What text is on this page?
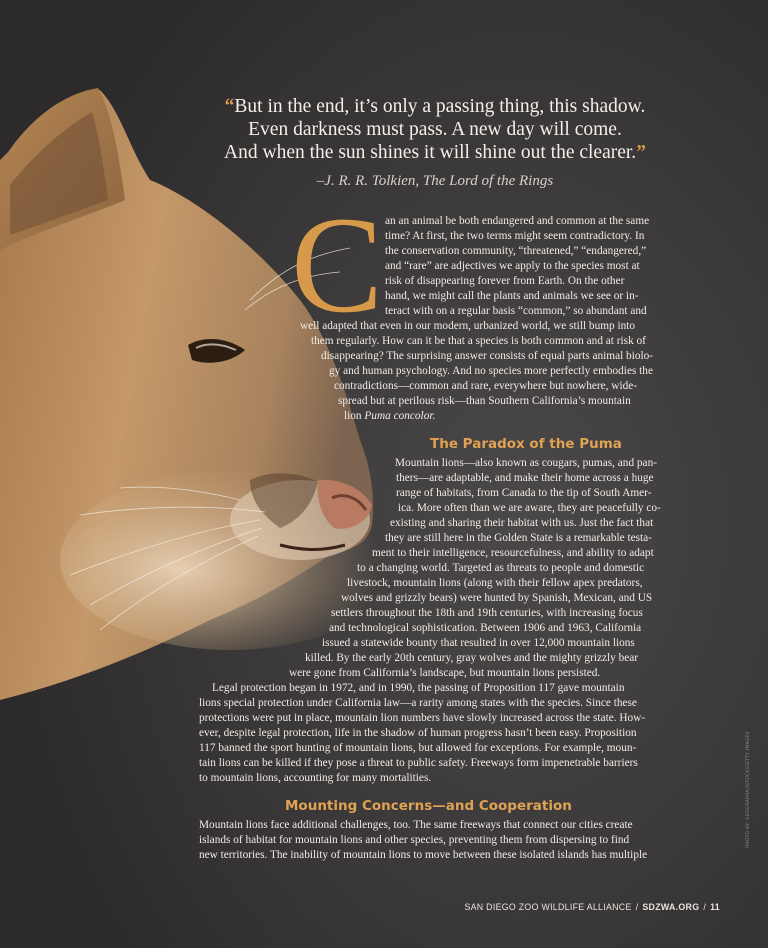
“But in the end, it’s only a passing thing, this shadow.
Even darkness must pass. A new day will come.
And when the sun shines it will shine out the clearer.”
–J. R. R. Tolkien, The Lord of the Rings
C an an animal be both endangered and common at the same
time? At first, the two terms might seem contradictory. In
the conservation community, “threatened,” “endangered,”
and “rare” are adjectives we apply to the species most at
risk of disappearing forever from Earth. On the other
hand, we might call the plants and animals we see or in-
teract with on a regular basis “common,” so abundant and
well adapted that even in our modern, urbanized world, we still bump into
them regularly. How can it be that a species is both common and at risk of
disappearing? The surprising answer consists of equal parts animal biolo-
gy and human psychology. And no species more perfectly embodies the
contradictions—common and rare, everywhere but nowhere, wide-
spread but at perilous risk—than Southern California’s mountain
lion Puma concolor.
The Paradox of the Puma
Mountain lions—also known as cougars, pumas, and pan-
thers—are adaptable, and make their home across a huge
range of habitats, from Canada to the tip of South Amer-
ica. More often than we are aware, they are peacefully co-
existing and sharing their habitat with us. Just the fact that
they are still here in the Golden State is a remarkable testa-
ment to their intelligence, resourcefulness, and ability to adapt
to a changing world. Targeted as threats to people and domestic
livestock, mountain lions (along with their fellow apex predators,
wolves and grizzly bears) were hunted by Spanish, Mexican, and US
settlers throughout the 18th and 19th centuries, with increasing focus
and technological sophistication. Between 1906 and 1963, California
issued a statewide bounty that resulted in over 12,000 mountain lions
killed. By the early 20th century, gray wolves and the mighty grizzly bear
were gone from California’s landscape, but mountain lions persisted.
Legal protection began in 1972, and in 1990, the passing of Proposition 117 gave mountain
lions special protection under California law—a rarity among states with the species. Since these
protections were put in place, mountain lion numbers have slowly increased across the state. How-
ever, despite legal protection, life in the shadow of human progress hasn’t been easy. Proposition
117 banned the sport hunting of mountain lions, but allowed for exceptions. For example, moun-
tain lions can be killed if they pose a threat to public safety. Freeways form impenetrable barriers
to mountain lions, accounting for many mortalities.
Mounting Concerns—and Cooperation
Mountain lions face additional challenges, too. The same freeways that connect our cities create
islands of habitat for mountain lions and other species, preventing them from dispersing to find
new territories. The inability of mountain lions to move between these isolated islands has multiple
PHOTO BY: GEOGRAPHA/ISTOCK/GETTY IMAGES
SAN DIEGO ZOO WILDLIFE ALLIANCE / SDZWA.ORG / 11
